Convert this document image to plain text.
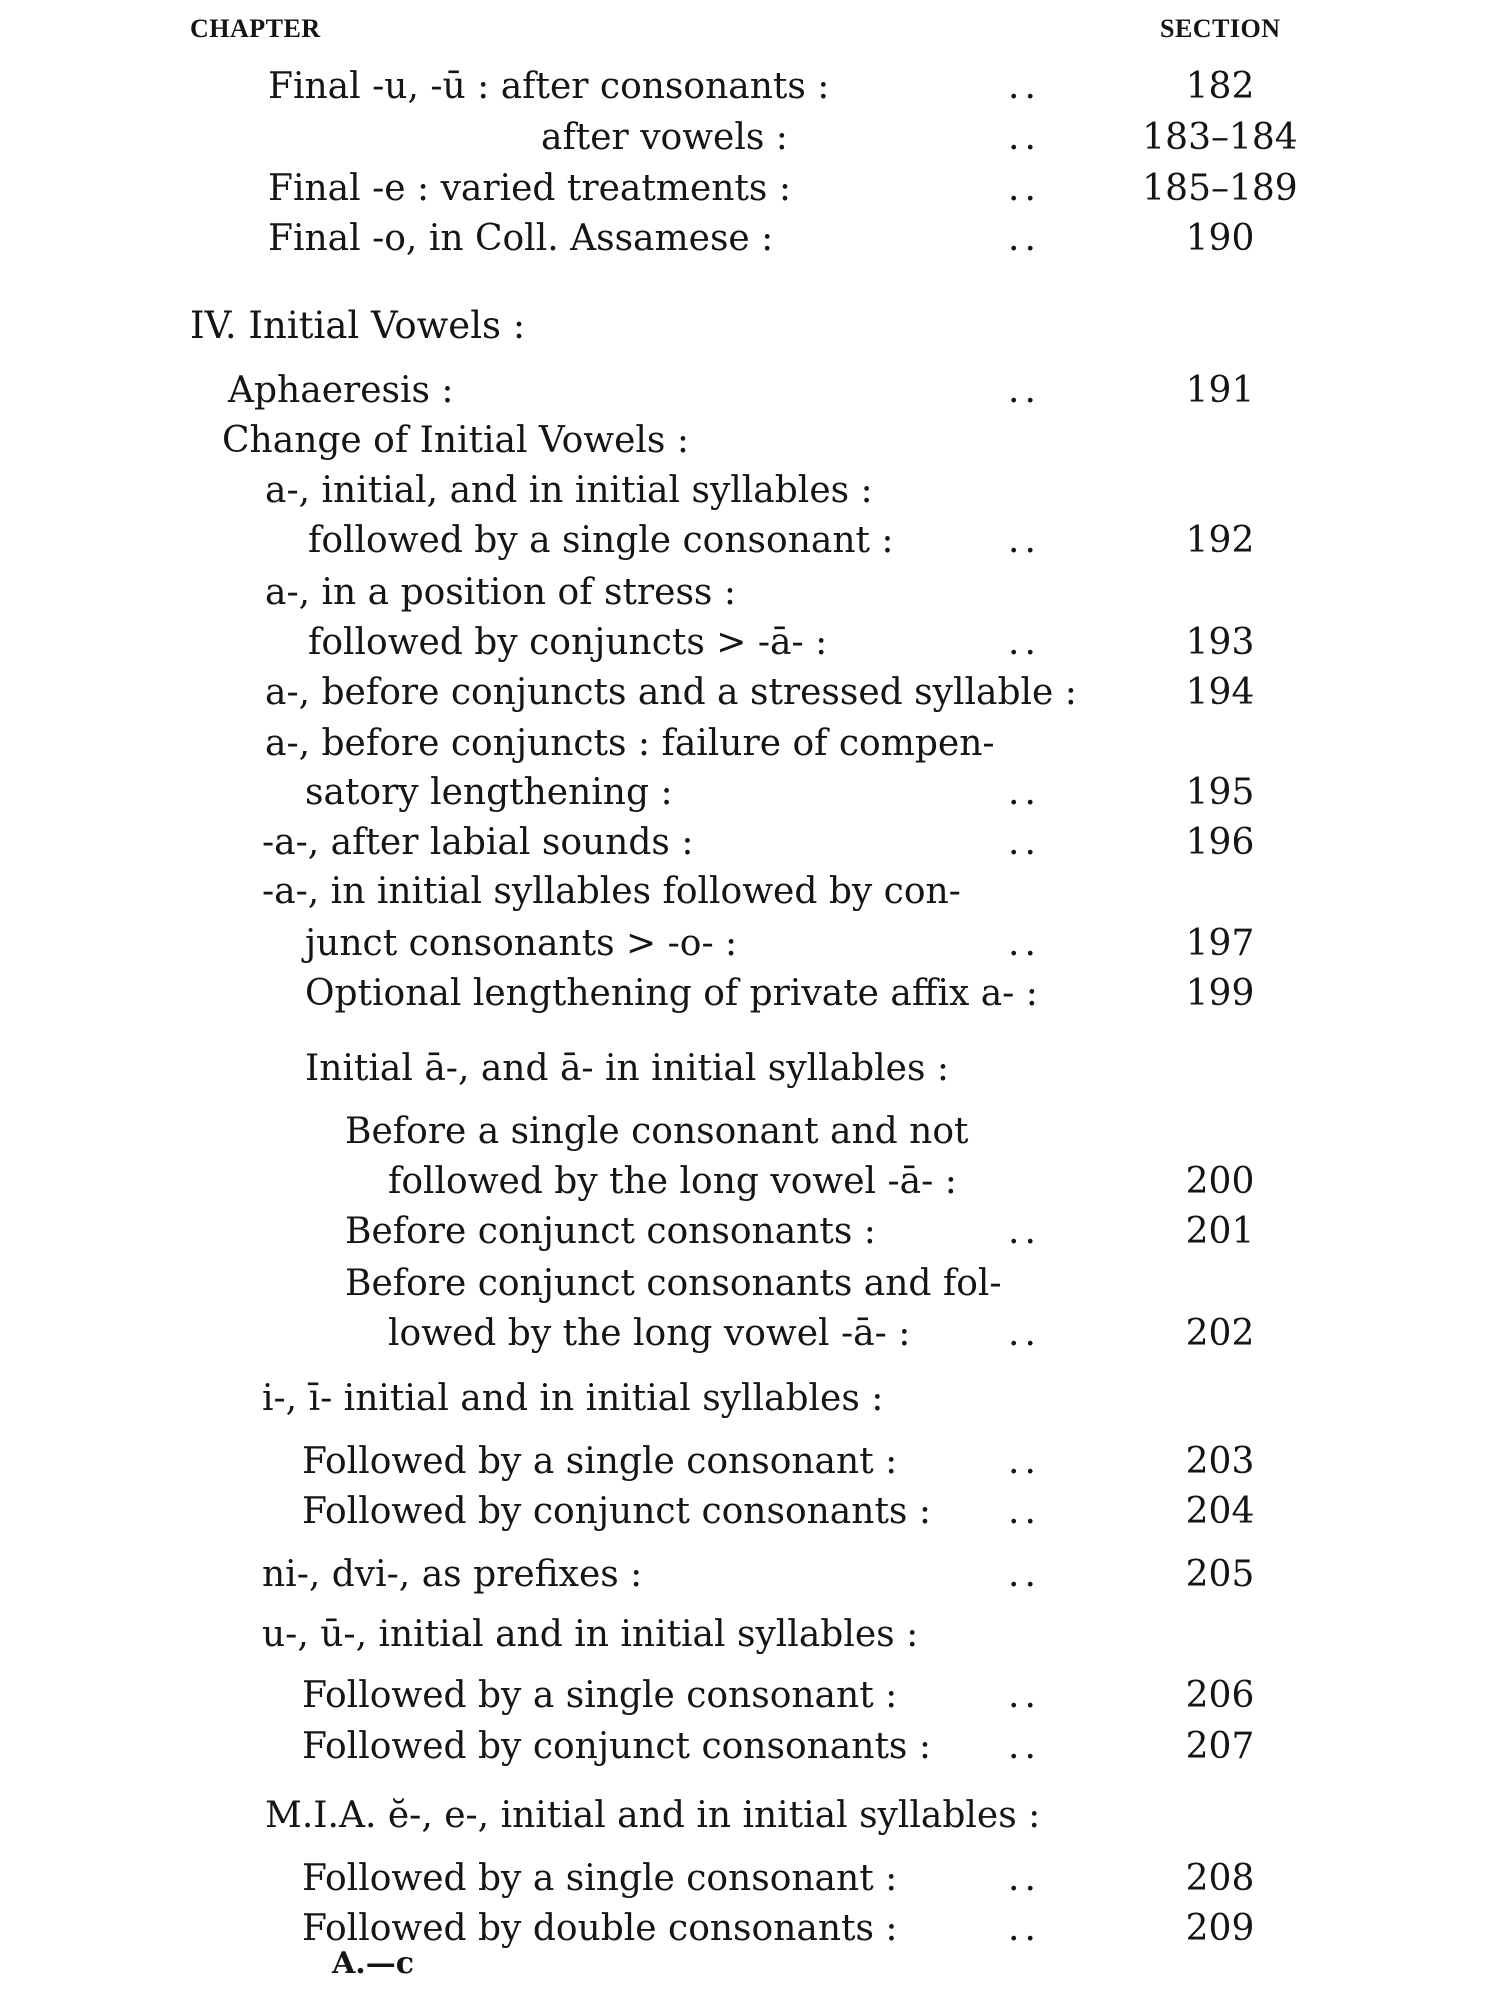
CHAPTER	SECTION
Final -u, -ū : after consonants :	..	182
after vowels :	..	183–184
Final -e : varied treatments :	..	185–189
Final -o, in Coll. Assamese :	..	190
IV. Initial Vowels :
Aphaeresis :	..	191
Change of Initial Vowels :
a-, initial, and in initial syllables :
followed by a single consonant :	..	192
a-, in a position of stress :
followed by conjuncts > -ā- :	..	193
a-, before conjuncts and a stressed syllable :	194
a-, before conjuncts : failure of compen-
satory lengthening :	..	195
-a-, after labial sounds :	..	196
-a-, in initial syllables followed by con-
junct consonants > -o- :	..	197
Optional lengthening of private affix a- :	199
Initial ā-, and ā- in initial syllables :
Before a single consonant and not
followed by the long vowel -ā- :	200
Before conjunct consonants :	..	201
Before conjunct consonants and fol-
lowed by the long vowel -ā- :	..	202
i-, ī- initial and in initial syllables :
Followed by a single consonant :	..	203
Followed by conjunct consonants : ..	204
ni-, dvi-, as prefixes :	..	205
u-, ū-, initial and in initial syllables :
Followed by a single consonant :	..	206
Followed by conjunct consonants : ..	207
M.I.A. ĕ-, e-, initial and in initial syllables :
Followed by a single consonant :	..	208
Followed by double consonants :	..	209
A.—c
